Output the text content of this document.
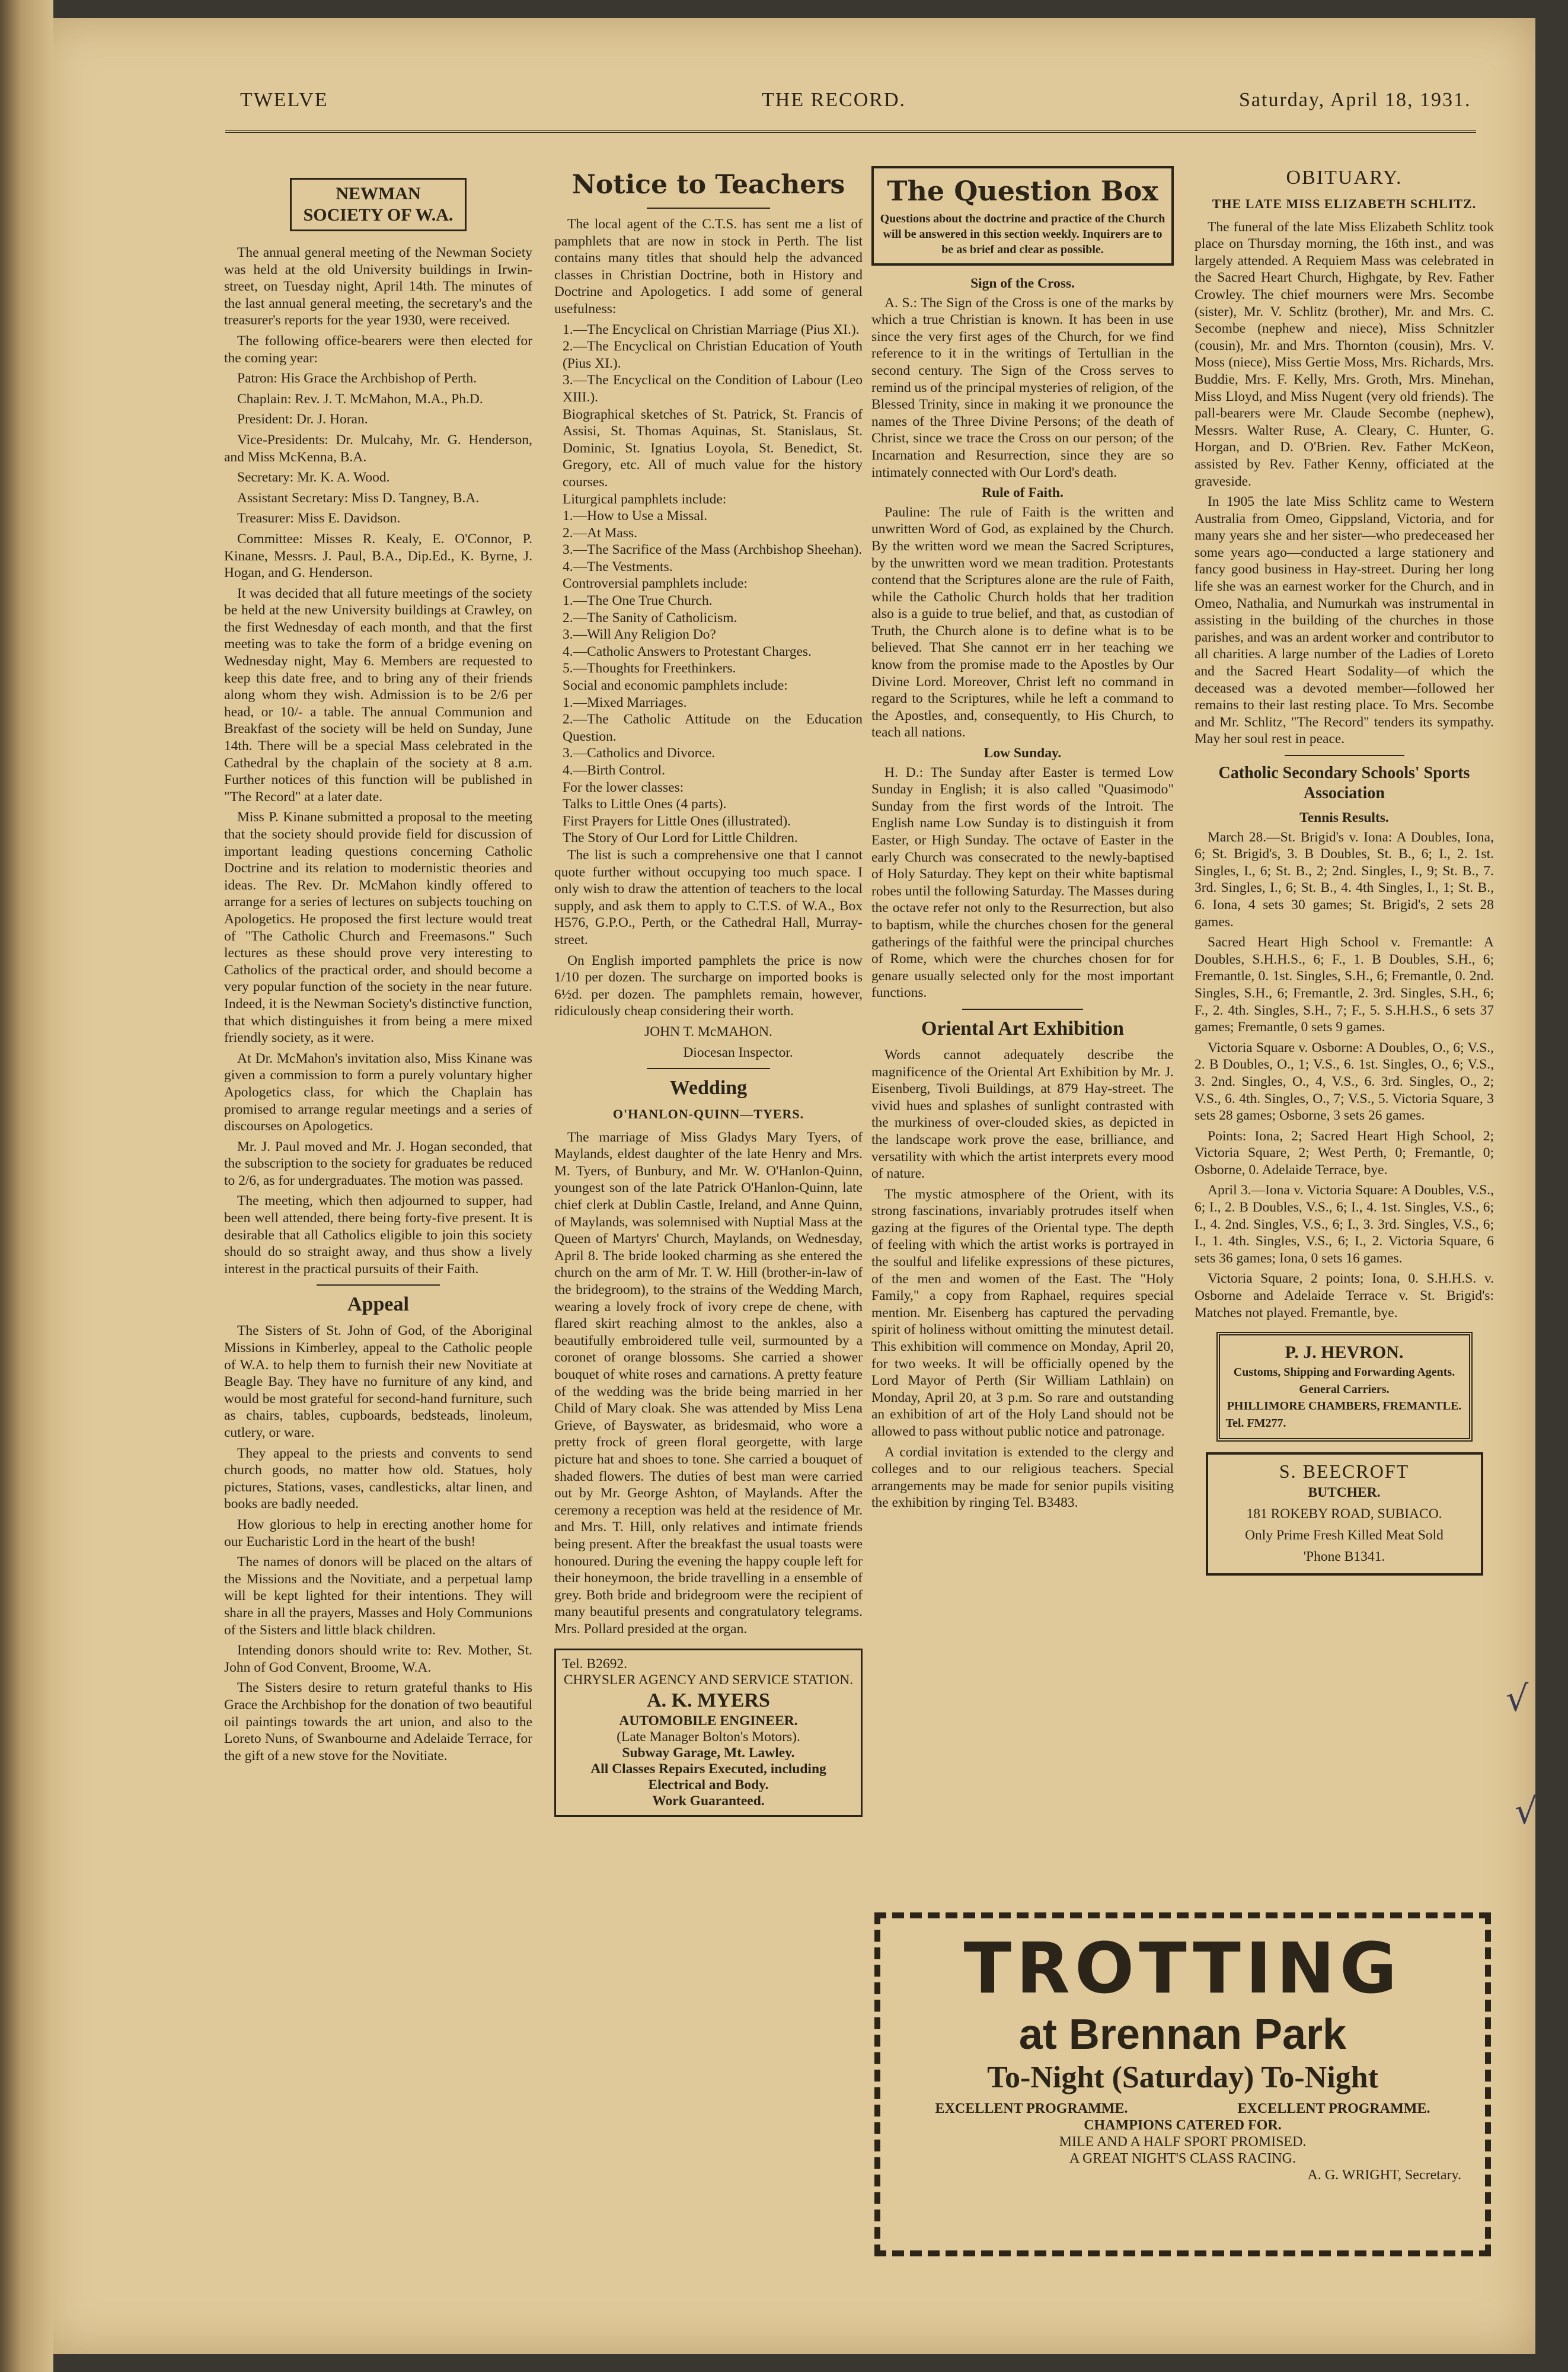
TWELVE	THE RECORD.	Saturday, April 18, 1931.
NEWMAN SOCIETY OF W.A.

The annual general meeting of the Newman Society was held at the old University buildings in Irwin-street, on Tuesday night, April 14th. The minutes of the last annual general meeting, the secretary's and the treasurer's reports for the year 1930, were received.

The following office-bearers were then elected for the coming year:

Patron: His Grace the Archbishop of Perth.

Chaplain: Rev. J. T. McMahon, M.A., Ph.D.

President: Dr. J. Horan.

Vice-Presidents: Dr. Mulcahy, Mr. G. Henderson, and Miss McKenna, B.A.

Secretary: Mr. K. A. Wood.

Assistant Secretary: Miss D. Tangney, B.A.

Treasurer: Miss E. Davidson.

Committee: Misses R. Kealy, E. O'Connor, P. Kinane, Messrs. J. Paul, B.A., Dip.Ed., K. Byrne, J. Hogan, and G. Henderson.

It was decided that all future meetings of the society be held at the new University buildings at Crawley, on the first Wednesday of each month, and that the first meeting was to take the form of a bridge evening on Wednesday night, May 6. Members are requested to keep this date free, and to bring any of their friends along whom they wish. Admission is to be 2/6 per head, or 10/- a table. The annual Communion and Breakfast of the society will be held on Sunday, June 14th. There will be a special Mass celebrated in the Cathedral by the chaplain of the society at 8 a.m. Further notices of this function will be published in "The Record" at a later date.

Miss P. Kinane submitted a proposal to the meeting that the society should provide field for discussion of important leading questions concerning Catholic Doctrine and its relation to modernistic theories and ideas. The Rev. Dr. McMahon kindly offered to arrange for a series of lectures on subjects touching on Apologetics. He proposed the first lecture would treat of "The Catholic Church and Freemasons." Such lectures as these should prove very interesting to Catholics of the practical order, and should become a very popular function of the society in the near future. Indeed, it is the Newman Society's distinctive function, that which distinguishes it from being a mere mixed friendly society, as it were.

At Dr. McMahon's invitation also, Miss Kinane was given a commission to form a purely voluntary higher Apologetics class, for which the Chaplain has promised to arrange regular meetings and a series of discourses on Apologetics.

Mr. J. Paul moved and Mr. J. Hogan seconded, that the subscription to the society for graduates be reduced to 2/6, as for undergraduates. The motion was passed.

The meeting, which then adjourned to supper, had been well attended, there being forty-five present. It is desirable that all Catholics eligible to join this society should do so straight away, and thus show a lively interest in the practical pursuits of their Faith.

Appeal

The Sisters of St. John of God, of the Aboriginal Missions in Kimberley, appeal to the Catholic people of W.A. to help them to furnish their new Novitiate at Beagle Bay. They have no furniture of any kind, and would be most grateful for second-hand furniture, such as chairs, tables, cupboards, bedsteads, linoleum, cutlery, or ware.

They appeal to the priests and convents to send church goods, no matter how old. Statues, holy pictures, Stations, vases, candlesticks, altar linen, and books are badly needed.

How glorious to help in erecting another home for our Eucharistic Lord in the heart of the bush!

The names of donors will be placed on the altars of the Missions and the Novitiate, and a perpetual lamp will be kept lighted for their intentions. They will share in all the prayers, Masses and Holy Communions of the Sisters and little black children.

Intending donors should write to: Rev. Mother, St. John of God Convent, Broome, W.A.

The Sisters desire to return grateful thanks to His Grace the Archbishop for the donation of two beautiful oil paintings towards the art union, and also to the Loreto Nuns, of Swanbourne and Adelaide Terrace, for the gift of a new stove for the Novitiate.

Notice to Teachers

The local agent of the C.T.S. has sent me a list of pamphlets that are now in stock in Perth. The list contains many titles that should help the advanced classes in Christian Doctrine, both in History and Doctrine and Apologetics. I add some of general usefulness:

1.—The Encyclical on Christian Marriage (Pius XI.).
2.—The Encyclical on Christian Education of Youth (Pius XI.).
3.—The Encyclical on the Condition of Labour (Leo XIII.).
Biographical sketches of St. Patrick, St. Francis of Assisi, St. Thomas Aquinas, St. Stanislaus, St. Dominic, St. Ignatius Loyola, St. Benedict, St. Gregory, etc. All of much value for the history courses.
Liturgical pamphlets include:
1.—How to Use a Missal.
2.—At Mass.
3.—The Sacrifice of the Mass (Archbishop Sheehan).
4.—The Vestments.
Controversial pamphlets include:
1.—The One True Church.
2.—The Sanity of Catholicism.
3.—Will Any Religion Do?
4.—Catholic Answers to Protestant Charges.
5.—Thoughts for Freethinkers.
Social and economic pamphlets include:
1.—Mixed Marriages.
2.—The Catholic Attitude on the Education Question.
3.—Catholics and Divorce.
4.—Birth Control.
For the lower classes:
Talks to Little Ones (4 parts).
First Prayers for Little Ones (illustrated).
The Story of Our Lord for Little Children.

The list is such a comprehensive one that I cannot quote further without occupying too much space. I only wish to draw the attention of teachers to the local supply, and ask them to apply to C.T.S. of W.A., Box H576, G.P.O., Perth, or the Cathedral Hall, Murray-street.

On English imported pamphlets the price is now 1/10 per dozen. The surcharge on imported books is 6½d. per dozen. The pamphlets remain, however, ridiculously cheap considering their worth.

JOHN T. McMAHON.

Diocesan Inspector.

Wedding
O'HANLON-QUINN—TYERS.

The marriage of Miss Gladys Mary Tyers, of Maylands, eldest daughter of the late Henry and Mrs. M. Tyers, of Bunbury, and Mr. W. O'Hanlon-Quinn, youngest son of the late Patrick O'Hanlon-Quinn, late chief clerk at Dublin Castle, Ireland, and Anne Quinn, of Maylands, was solemnised with Nuptial Mass at the Queen of Martyrs' Church, Maylands, on Wednesday, April 8. The bride looked charming as she entered the church on the arm of Mr. T. W. Hill (brother-in-law of the bridegroom), to the strains of the Wedding March, wearing a lovely frock of ivory crepe de chene, with flared skirt reaching almost to the ankles, also a beautifully embroidered tulle veil, surmounted by a coronet of orange blossoms. She carried a shower bouquet of white roses and carnations. A pretty feature of the wedding was the bride being married in her Child of Mary cloak. She was attended by Miss Lena Grieve, of Bayswater, as bridesmaid, who wore a pretty frock of green floral georgette, with large picture hat and shoes to tone. She carried a bouquet of shaded flowers. The duties of best man were carried out by Mr. George Ashton, of Maylands. After the ceremony a reception was held at the residence of Mr. and Mrs. T. Hill, only relatives and intimate friends being present. After the breakfast the usual toasts were honoured. During the evening the happy couple left for their honeymoon, the bride travelling in a ensemble of grey. Both bride and bridegroom were the recipient of many beautiful presents and congratulatory telegrams. Mrs. Pollard presided at the organ.

Tel. B2692.
CHRYSLER AGENCY AND SERVICE STATION.
A. K. MYERS
AUTOMOBILE ENGINEER.
(Late Manager Bolton's Motors).
Subway Garage, Mt. Lawley.
All Classes Repairs Executed, including Electrical and Body.
Work Guaranteed.
The Question Box
Questions about the doctrine and practice of the Church will be answered in this section weekly. Inquirers are to be as brief and clear as possible.
Sign of the Cross.

A. S.: The Sign of the Cross is one of the marks by which a true Christian is known. It has been in use since the very first ages of the Church, for we find reference to it in the writings of Tertullian in the second century. The Sign of the Cross serves to remind us of the principal mysteries of religion, of the Blessed Trinity, since in making it we pronounce the names of the Three Divine Persons; of the death of Christ, since we trace the Cross on our person; of the Incarnation and Resurrection, since they are so intimately connected with Our Lord's death.

Rule of Faith.

Pauline: The rule of Faith is the written and unwritten Word of God, as explained by the Church. By the written word we mean the Sacred Scriptures, by the unwritten word we mean tradition. Protestants contend that the Scriptures alone are the rule of Faith, while the Catholic Church holds that her tradition also is a guide to true belief, and that, as custodian of Truth, the Church alone is to define what is to be believed. That She cannot err in her teaching we know from the promise made to the Apostles by Our Divine Lord. Moreover, Christ left no command in regard to the Scriptures, while he left a command to the Apostles, and, consequently, to His Church, to teach all nations.

Low Sunday.

H. D.: The Sunday after Easter is termed Low Sunday in English; it is also called "Quasimodo" Sunday from the first words of the Introit. The English name Low Sunday is to distinguish it from Easter, or High Sunday. The octave of Easter in the early Church was consecrated to the newly-baptised of Holy Saturday. They kept on their white baptismal robes until the following Saturday. The Masses during the octave refer not only to the Resurrection, but also to baptism, while the churches chosen for the general gatherings of the faithful were the principal churches of Rome, which were the churches chosen for for genare usually selected only for the most important functions.

Oriental Art Exhibition

Words cannot adequately describe the magnificence of the Oriental Art Exhibition by Mr. J. Eisenberg, Tivoli Buildings, at 879 Hay-street. The vivid hues and splashes of sunlight contrasted with the murkiness of over-clouded skies, as depicted in the landscape work prove the ease, brilliance, and versatility with which the artist interprets every mood of nature.

The mystic atmosphere of the Orient, with its strong fascinations, invariably protrudes itself when gazing at the figures of the Oriental type. The depth of feeling with which the artist works is portrayed in the soulful and lifelike expressions of these pictures, of the men and women of the East. The "Holy Family," a copy from Raphael, requires special mention. Mr. Eisenberg has captured the pervading spirit of holiness without omitting the minutest detail. This exhibition will commence on Monday, April 20, for two weeks. It will be officially opened by the Lord Mayor of Perth (Sir William Lathlain) on Monday, April 20, at 3 p.m. So rare and outstanding an exhibition of art of the Holy Land should not be allowed to pass without public notice and patronage.

A cordial invitation is extended to the clergy and colleges and to our religious teachers. Special arrangements may be made for senior pupils visiting the exhibition by ringing Tel. B3483.

OBITUARY.
THE LATE MISS ELIZABETH SCHLITZ.

The funeral of the late Miss Elizabeth Schlitz took place on Thursday morning, the 16th inst., and was largely attended. A Requiem Mass was celebrated in the Sacred Heart Church, Highgate, by Rev. Father Crowley. The chief mourners were Mrs. Secombe (sister), Mr. V. Schlitz (brother), Mr. and Mrs. C. Secombe (nephew and niece), Miss Schnitzler (cousin), Mr. and Mrs. Thornton (cousin), Mrs. V. Moss (niece), Miss Gertie Moss, Mrs. Richards, Mrs. Buddie, Mrs. F. Kelly, Mrs. Groth, Mrs. Minehan, Miss Lloyd, and Miss Nugent (very old friends). The pall-bearers were Mr. Claude Secombe (nephew), Messrs. Walter Ruse, A. Cleary, C. Hunter, G. Horgan, and D. O'Brien. Rev. Father McKeon, assisted by Rev. Father Kenny, officiated at the graveside.

In 1905 the late Miss Schlitz came to Western Australia from Omeo, Gippsland, Victoria, and for many years she and her sister—who predeceased her some years ago—conducted a large stationery and fancy good business in Hay-street. During her long life she was an earnest worker for the Church, and in Omeo, Nathalia, and Numurkah was instrumental in assisting in the building of the churches in those parishes, and was an ardent worker and contributor to all charities. A large number of the Ladies of Loreto and the Sacred Heart Sodality—of which the deceased was a devoted member—followed her remains to their last resting place. To Mrs. Secombe and Mr. Schlitz, "The Record" tenders its sympathy. May her soul rest in peace.

Catholic Secondary Schools' Sports Association
Tennis Results.

March 28.—St. Brigid's v. Iona: A Doubles, Iona, 6; St. Brigid's, 3. B Doubles, St. B., 6; I., 2. 1st. Singles, I., 6; St. B., 2; 2nd. Singles, I., 9; St. B., 7. 3rd. Singles, I., 6; St. B., 4. 4th Singles, I., 1; St. B., 6. Iona, 4 sets 30 games; St. Brigid's, 2 sets 28 games.

Sacred Heart High School v. Fremantle: A Doubles, S.H.H.S., 6; F., 1. B Doubles, S.H., 6; Fremantle, 0. 1st. Singles, S.H., 6; Fremantle, 0. 2nd. Singles, S.H., 6; Fremantle, 2. 3rd. Singles, S.H., 6; F., 2. 4th. Singles, S.H., 7; F., 5. S.H.H.S., 6 sets 37 games; Fremantle, 0 sets 9 games.

Victoria Square v. Osborne: A Doubles, O., 6; V.S., 2. B Doubles, O., 1; V.S., 6. 1st. Singles, O., 6; V.S., 3. 2nd. Singles, O., 4, V.S., 6. 3rd. Singles, O., 2; V.S., 6. 4th. Singles, O., 7; V.S., 5. Victoria Square, 3 sets 28 games; Osborne, 3 sets 26 games.

Points: Iona, 2; Sacred Heart High School, 2; Victoria Square, 2; West Perth, 0; Fremantle, 0; Osborne, 0. Adelaide Terrace, bye.

April 3.—Iona v. Victoria Square: A Doubles, V.S., 6; I., 2. B Doubles, V.S., 6; I., 4. 1st. Singles, V.S., 6; I., 4. 2nd. Singles, V.S., 6; I., 3. 3rd. Singles, V.S., 6; I., 1. 4th. Singles, V.S., 6; I., 2. Victoria Square, 6 sets 36 games; Iona, 0 sets 16 games.

Victoria Square, 2 points; Iona, 0. S.H.H.S. v. Osborne and Adelaide Terrace v. St. Brigid's: Matches not played. Fremantle, bye.

P. J. HEVRON.
Customs, Shipping and Forwarding Agents. General Carriers.
PHILLIMORE CHAMBERS, FREMANTLE.
Tel. FM277.
S. BEECROFT
BUTCHER.
181 ROKEBY ROAD, SUBIACO.
Only Prime Fresh Killed Meat Sold
'Phone B1341.
TROTTING
at Brennan Park
To-Night (Saturday) To-Night
EXCELLENT PROGRAMME.	EXCELLENT PROGRAMME.
CHAMPIONS CATERED FOR.
MILE AND A HALF SPORT PROMISED.
A GREAT NIGHT'S CLASS RACING.
A. G. WRIGHT, Secretary.
√
√
